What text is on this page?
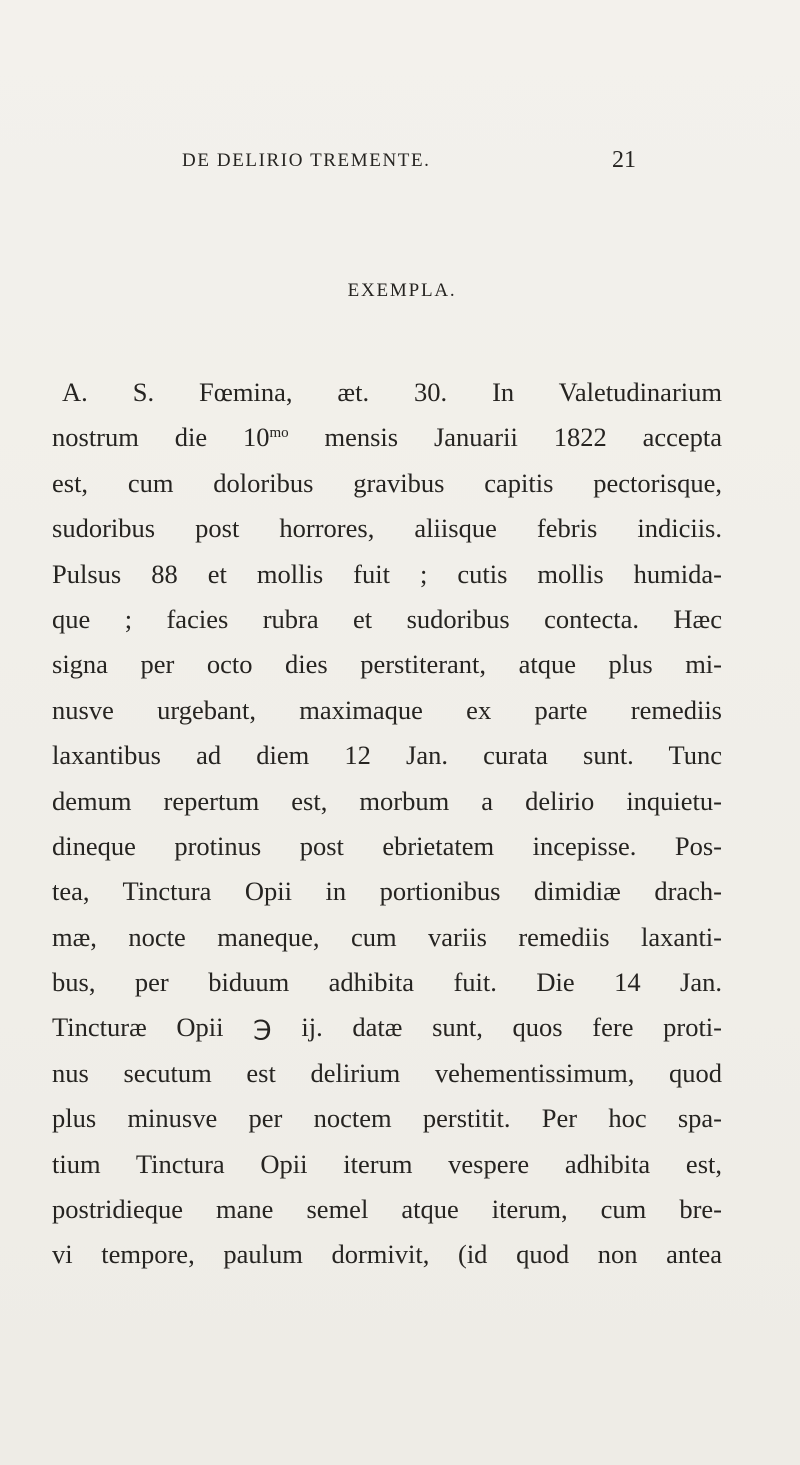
DE DELIRIO TREMENTE.	21
EXEMPLA.
A. S. Fœmina, æt. 30. In Valetudinarium
nostrum die $10^{mo}$ mensis Januarii 1822 accepta
est, cum doloribus gravibus capitis pectorisque,
sudoribus post horrores, aliisque febris indiciis.
Pulsus 88 et mollis fuit ; cutis mollis humida-
que ; facies rubra et sudoribus contecta. Hæc
signa per octo dies perstiterant, atque plus mi-
nusve urgebant, maximaque ex parte remediis
laxantibus ad diem 12 Jan. curata sunt. Tunc
demum repertum est, morbum a delirio inquietu-
dineque protinus post ebrietatem incepisse. Pos-
tea, Tinctura Opii in portionibus dimidiæ drach-
mæ, nocte maneque, cum variis remediis laxanti-
bus, per biduum adhibita fuit. Die 14 Jan.
Tincturæ Opii ℈ ij. datæ sunt, quos fere proti-
nus secutum est delirium vehementissimum, quod
plus minusve per noctem perstitit. Per hoc spa-
tium Tinctura Opii iterum vespere adhibita est,
postridieque mane semel atque iterum, cum bre-
vi tempore, paulum dormivit, (id quod non antea
